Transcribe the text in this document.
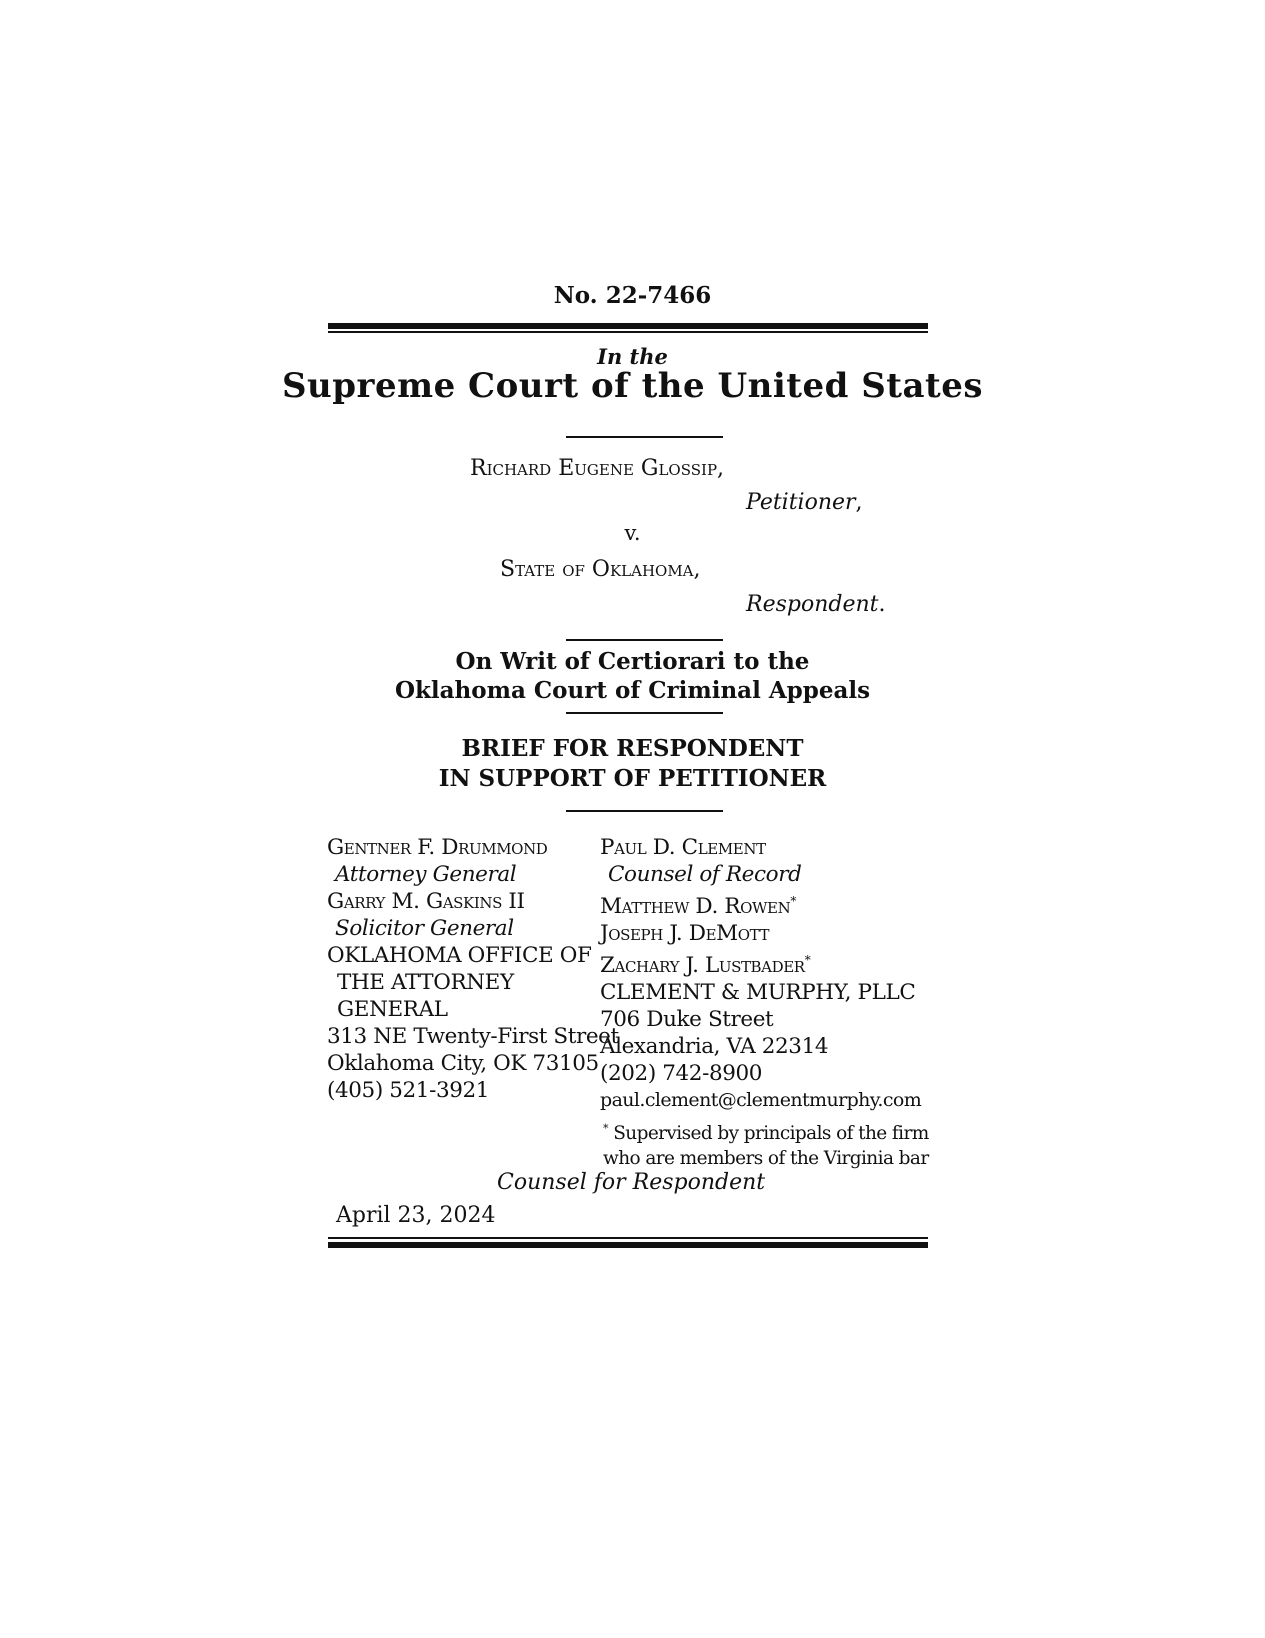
No. 22-7466
In the
Supreme Court of the United States
Richard Eugene Glossip,
Petitioner,
v.
State of Oklahoma,
Respondent.
On Writ of Certiorari to the
Oklahoma Court of Criminal Appeals
BRIEF FOR RESPONDENT
IN SUPPORT OF PETITIONER
Gentner F. Drummond
Attorney General
Garry M. Gaskins II
Solicitor General
OKLAHOMA OFFICE OF
THE ATTORNEY
GENERAL
313 NE Twenty-First Street
Oklahoma City, OK 73105
(405) 521-3921
Paul D. Clement
Counsel of Record
Matthew D. Rowen*
Joseph J. DeMott
Zachary J. Lustbader*
CLEMENT & MURPHY, PLLC
706 Duke Street
Alexandria, VA 22314
(202) 742-8900
paul.clement@clementmurphy.com
* Supervised by principals of the firm
who are members of the Virginia bar
Counsel for Respondent
April 23, 2024
